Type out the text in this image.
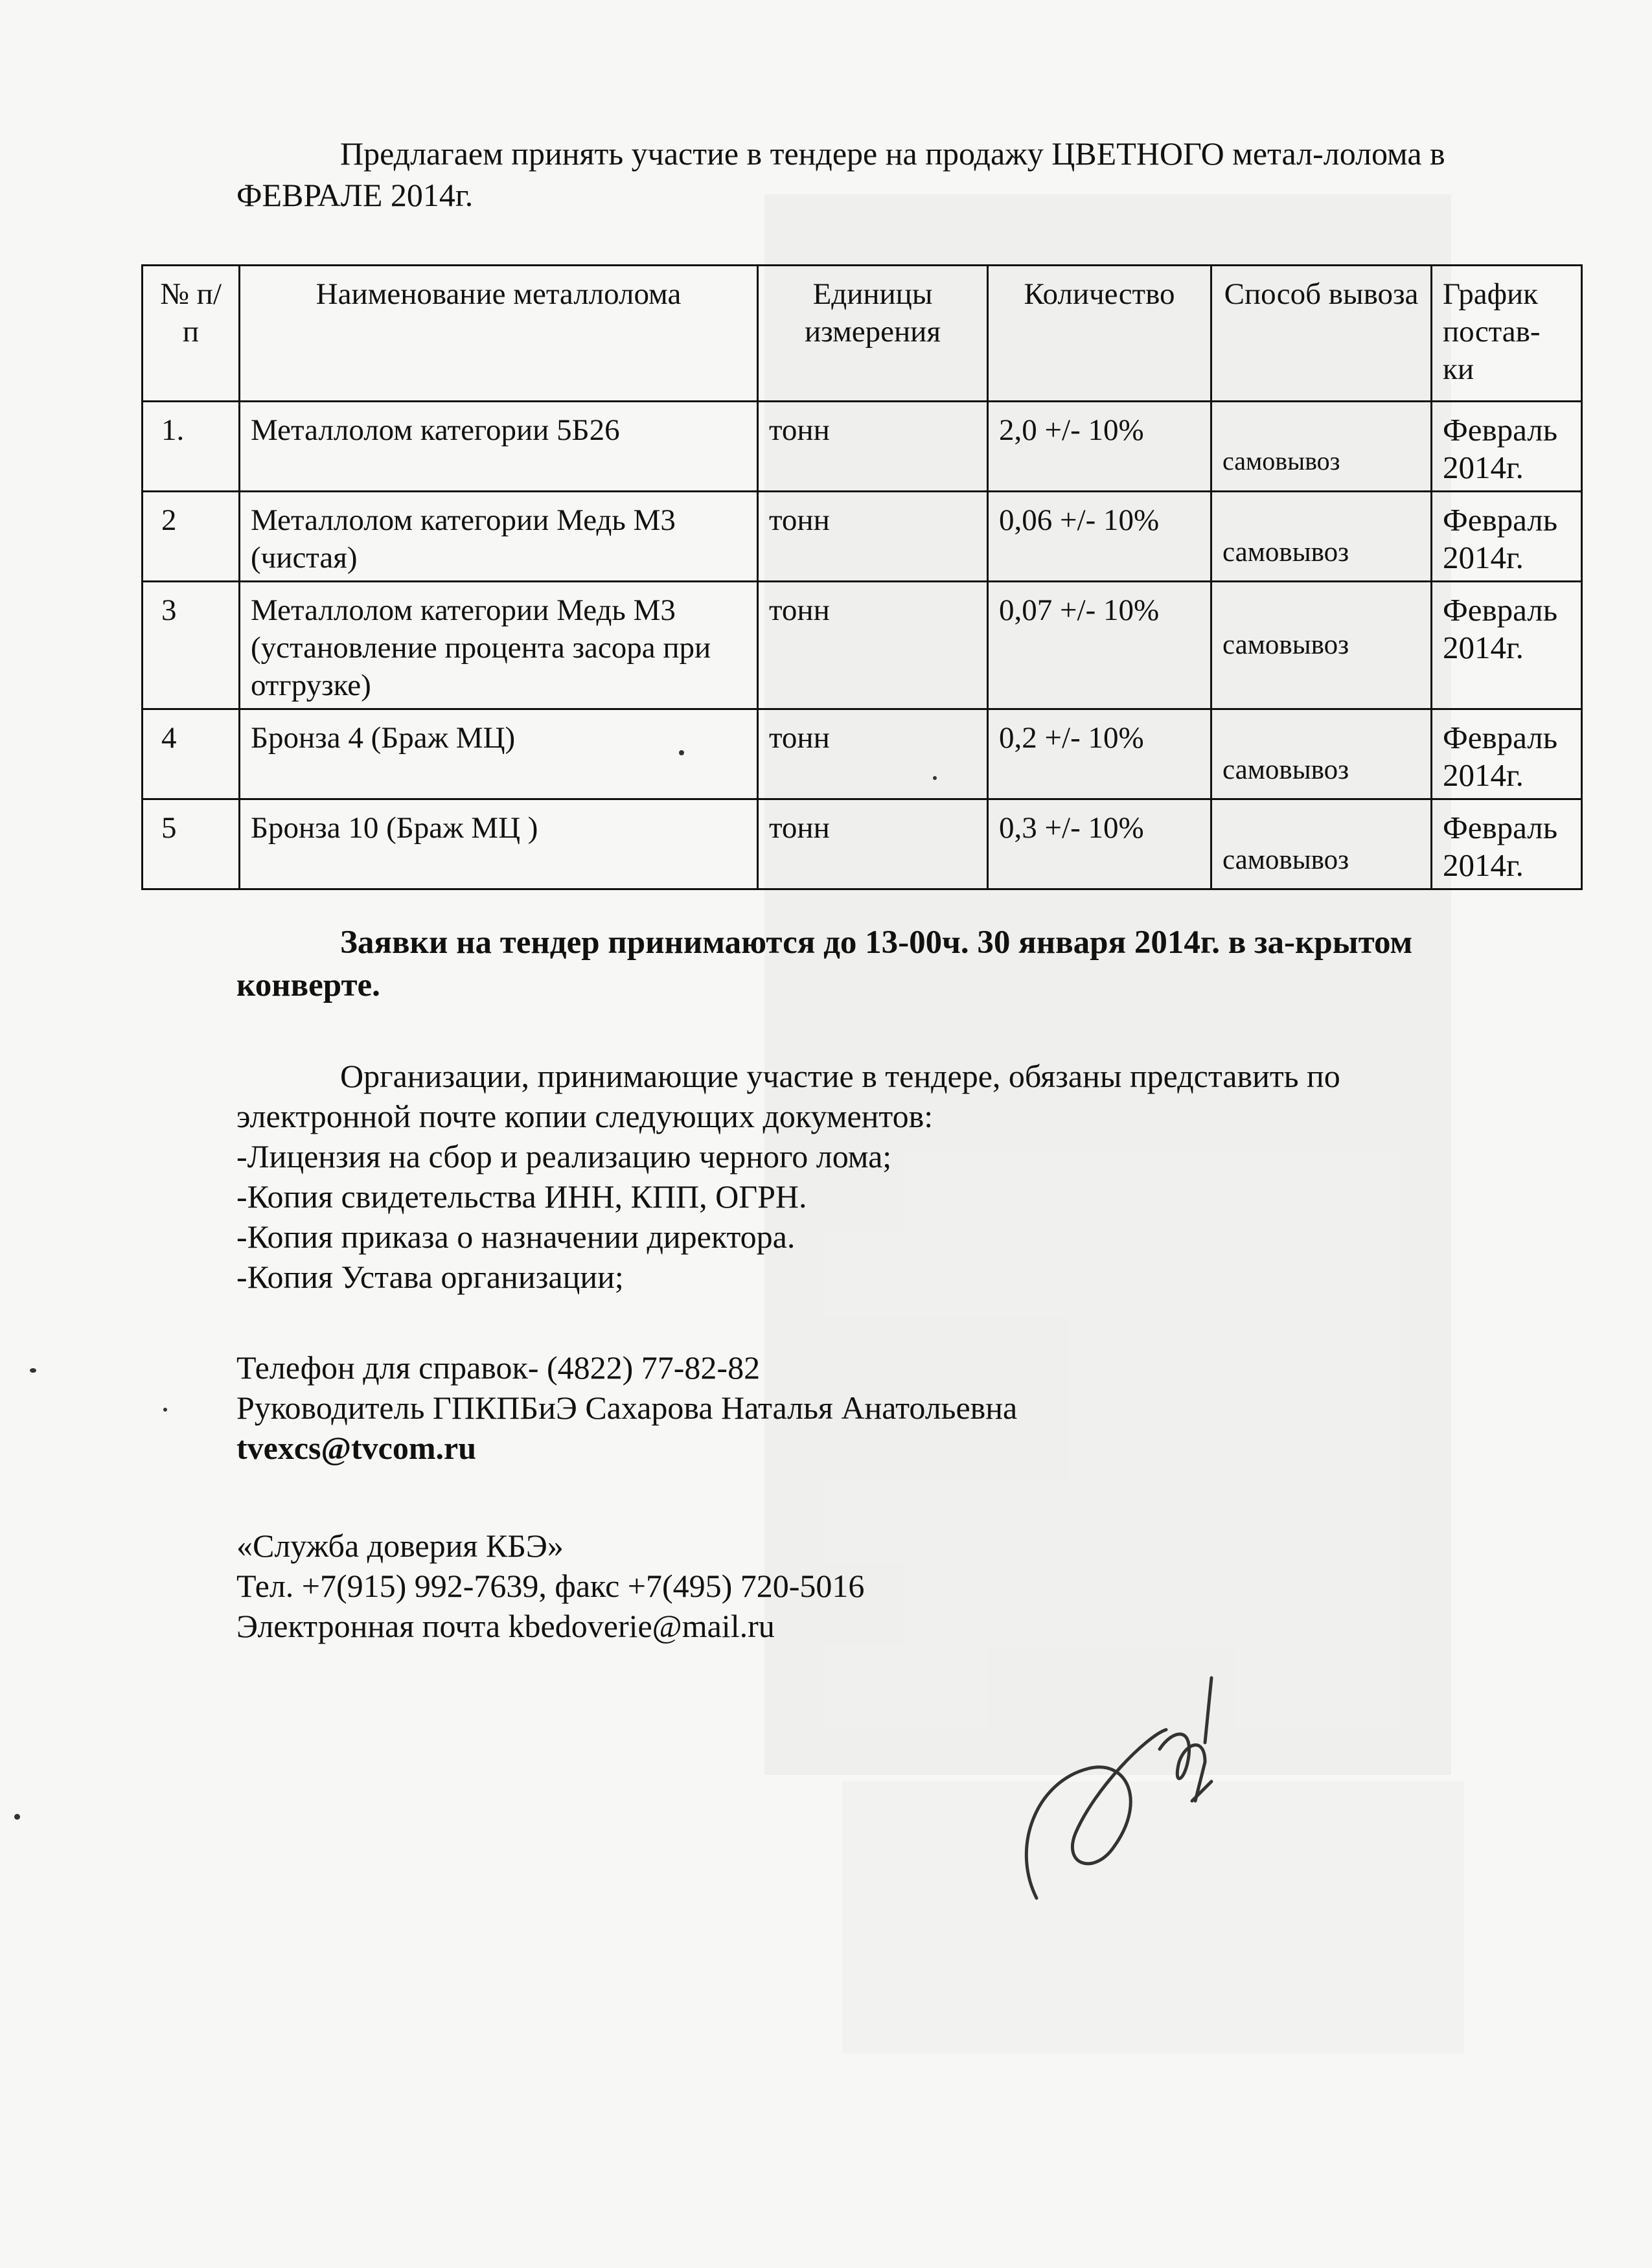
Предлагаем принять участие в тендере на продажу ЦВЕТНОГО метал-лолома в ФЕВРАЛЕ 2014г.
№ п/п	Наименование металлолома	Единицы измерения	Количество	Способ вывоза	График постав-ки
1.	Металлолом категории 5Б26	тонн	2,0 +/- 10%	самовывоз	Февраль 2014г.
2	Металлолом категории Медь М3 (чистая)	тонн	0,06 +/- 10%	самовывоз	Февраль 2014г.
3	Металлолом категории Медь М3 (установление процента засора при отгрузке)	тонн	0,07 +/- 10%	самовывоз	Февраль 2014г.
4	Бронза 4 (Браж МЦ)	тонн	0,2 +/- 10%	самовывоз	Февраль 2014г.
5	Бронза 10 (Браж МЦ )	тонн	0,3 +/- 10%	самовывоз	Февраль 2014г.
Заявки на тендер принимаются до 13-00ч. 30 января 2014г. в за-крытом конверте.
Организации, принимающие участие в тендере, обязаны представить по электронной почте копии следующих документов:
-Лицензия на сбор и реализацию черного лома;
-Копия свидетельства ИНН, КПП, ОГРН.
-Копия приказа о назначении директора.
-Копия Устава организации;
Телефон для справок- (4822) 77-82-82
Руководитель ГПКПБиЭ Сахарова Наталья Анатольевна
tvexcs@tvcom.ru
«Служба доверия КБЭ»
Тел. +7(915) 992-7639, факс +7(495) 720-5016
Электронная почта kbedoverie@mail.ru
